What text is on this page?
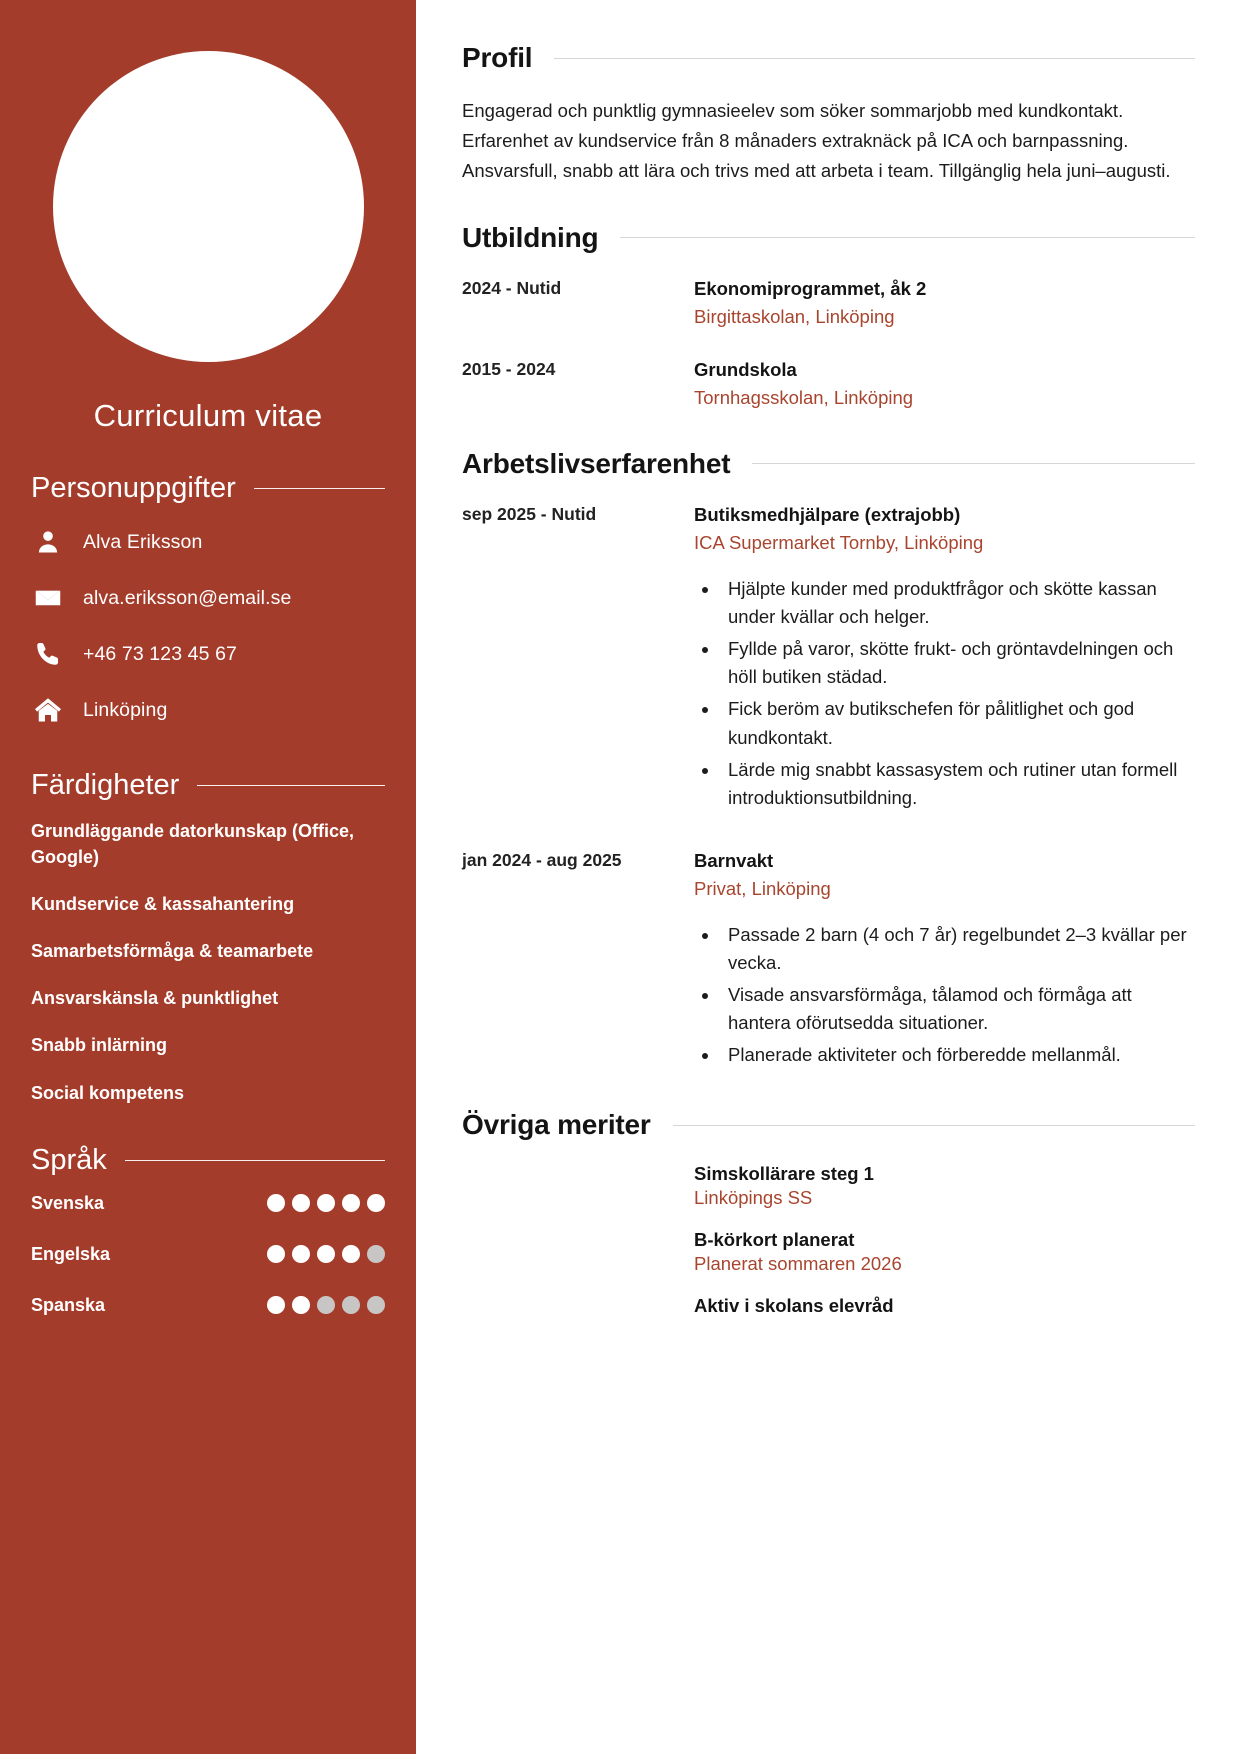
Curriculum vitae
Personuppgifter
Alva Eriksson
alva.eriksson@email.se
+46 73 123 45 67
Linköping
Färdigheter
Grundläggande datorkunskap (Office, Google)
Kundservice & kassahantering
Samarbetsförmåga & teamarbete
Ansvarskänsla & punktlighet
Snabb inlärning
Social kompetens
Språk
Svenska
Engelska
Spanska
Profil

Engagerad och punktlig gymnasieelev som söker sommarjobb med kundkontakt. Erfarenhet av kundservice från 8 månaders extraknäck på ICA och barnpassning. Ansvarsfull, snabb att lära och trivs med att arbeta i team. Tillgänglig hela juni–augusti.

Utbildning
2024 - Nutid	Ekonomiprogrammet, åk 2
Birgittaskolan, Linköping
2015 - 2024	Grundskola
Tornhagsskolan, Linköping
Arbetslivserfarenhet
sep 2025 - Nutid	Butiksmedhjälpare (extrajobb)
ICA Supermarket Tornby, Linköping
• Hjälpte kunder med produktfrågor och skötte kassan under kvällar och helger.
• Fyllde på varor, skötte frukt- och gröntavdelningen och höll butiken städad.
• Fick beröm av butikschefen för pålitlighet och god kundkontakt.
• Lärde mig snabbt kassasystem och rutiner utan formell introduktionsutbildning.
jan 2024 - aug 2025	Barnvakt
Privat, Linköping
• Passade 2 barn (4 och 7 år) regelbundet 2–3 kvällar per vecka.
• Visade ansvarsförmåga, tålamod och förmåga att hantera oförutsedda situationer.
• Planerade aktiviteter och förberedde mellanmål.
Övriga meriter
Simskollärare steg 1
Linköpings SS
B-körkort planerat
Planerat sommaren 2026
Aktiv i skolans elevråd
